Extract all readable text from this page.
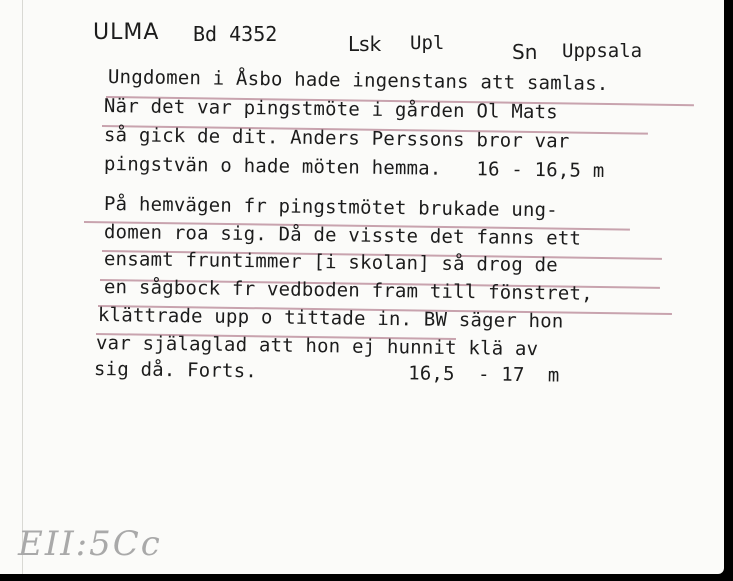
ULMA Bd 4352	Lsk Upl	Sn Uppsala
Ungdomen i Åsbo hade ingenstans att samlas.
När det var pingstmöte i gården Ol Mats
så gick de dit. Anders Perssons bror var
pingstvän o hade möten hemma.   16 - 16,5 m
På hemvägen fr pingstmötet brukade ung-
domen roa sig. Då de visste det fanns ett
ensamt fruntimmer [i skolan] så drog de
en sågbock fr vedboden fram till fönstret,
klättrade upp o tittade in. BW säger hon
var själaglad att hon ej hunnit klä av
sig då. Forts.             16,5  - 17  m
EII:5Cc
